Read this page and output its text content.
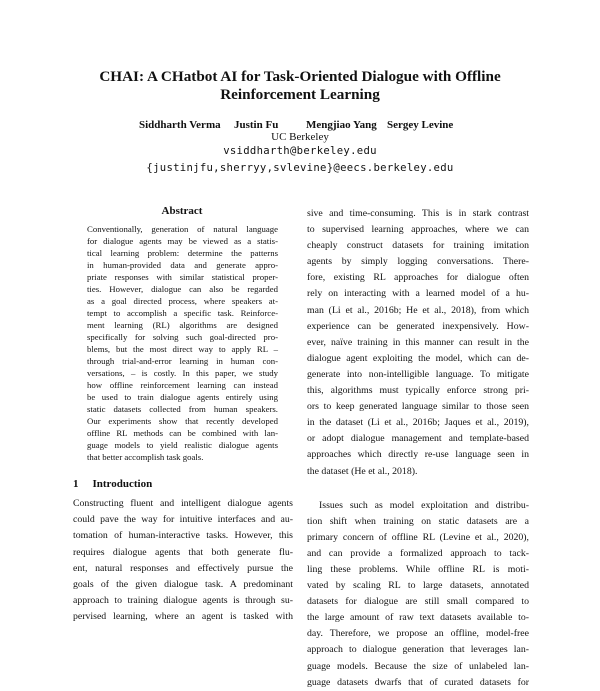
CHAI: A CHatbot AI for Task-Oriented Dialogue with Offline
Reinforcement Learning
Siddharth Verma Justin Fu	Mengjiao Yang Sergey Levine
UC Berkeley
vsiddharth@berkeley.edu
{justinjfu,sherryy,svlevine}@eecs.berkeley.edu
Abstract
Conventionally, generation of natural language
for dialogue agents may be viewed as a statis-
tical learning problem: determine the patterns
in human-provided data and generate appro-
priate responses with similar statistical proper-
ties. However, dialogue can also be regarded
as a goal directed process, where speakers at-
tempt to accomplish a specific task. Reinforce-
ment learning (RL) algorithms are designed
specifically for solving such goal-directed pro-
blems, but the most direct way to apply RL –
through trial-and-error learning in human con-
versations, – is costly. In this paper, we study
how offline reinforcement learning can instead
be used to train dialogue agents entirely using
static datasets collected from human speakers.
Our experiments show that recently developed
offline RL methods can be combined with lan-
guage models to yield realistic dialogue agents
that better accomplish task goals.
1 Introduction
Constructing fluent and intelligent dialogue agents
could pave the way for intuitive interfaces and au-
tomation of human-interactive tasks. However, this
requires dialogue agents that both generate flu-
ent, natural responses and effectively pursue the
goals of the given dialogue task. A predominant
approach to training dialogue agents is through su-
pervised learning, where an agent is tasked with
sive and time-consuming. This is in stark contrast
to supervised learning approaches, where we can
cheaply construct datasets for training imitation
agents by simply logging conversations. There-
fore, existing RL approaches for dialogue often
rely on interacting with a learned model of a hu-
man (Li et al., 2016b; He et al., 2018), from which
experience can be generated inexpensively. How-
ever, naïve training in this manner can result in the
dialogue agent exploiting the model, which can de-
generate into non-intelligible language. To mitigate
this, algorithms must typically enforce strong pri-
ors to keep generated language similar to those seen
in the dataset (Li et al., 2016b; Jaques et al., 2019),
or adopt dialogue management and template-based
approaches which directly re-use language seen in
the dataset (He et al., 2018).
Issues such as model exploitation and distribu-
tion shift when training on static datasets are a
primary concern of offline RL (Levine et al., 2020),
and can provide a formalized approach to tack-
ling these problems. While offline RL is moti-
vated by scaling RL to large datasets, annotated
datasets for dialogue are still small compared to
the large amount of raw text datasets available to-
day. Therefore, we propose an offline, model-free
approach to dialogue generation that leverages lan-
guage models. Because the size of unlabeled lan-
guage datasets dwarfs that of curated datasets for
